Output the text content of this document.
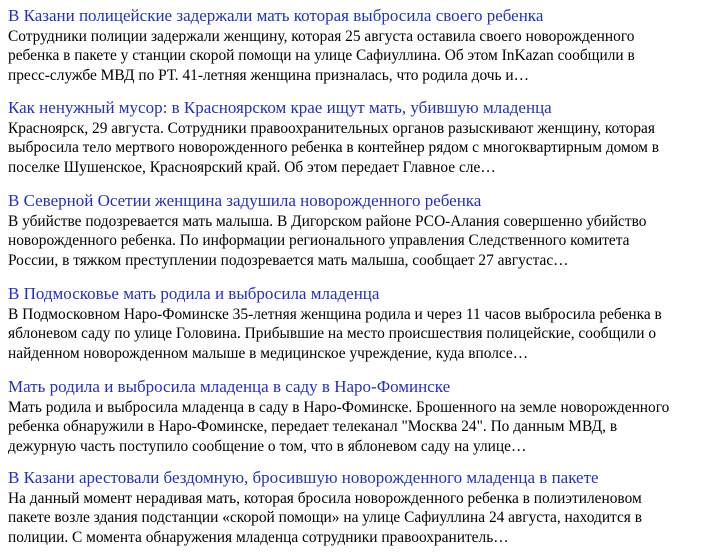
В Казани полицейские задержали мать которая выбросила своего ребенка
Сотрудники полиции задержали женщину, которая 25 августа оставила своего новорожденного
ребенка в пакете у станции скорой помощи на улице Сафиуллина. Об этом InKazan сообщили в
пресс-службе МВД по РТ. 41-летняя женщина призналась, что родила дочь и…
Как ненужный мусор: в Красноярском крае ищут мать, убившую младенца
Красноярск, 29 августа. Сотрудники правоохранительных органов разыскивают женщину, которая
выбросила тело мертвого новорожденного ребенка в контейнер рядом с многоквартирным домом в
поселке Шушенское, Красноярский край. Об этом передает Главное сле…
В Северной Осетии женщина задушила новорожденного ребенка
В убийстве подозревается мать малыша. В Дигорском районе РСО-Алания совершенно убийство
новорожденного ребенка. По информации регионального управления Следственного комитета
России, в тяжком преступлении подозревается мать малыша, сообщает 27 августас…
В Подмосковье мать родила и выбросила младенца
В Подмосковном Наро-Фоминске 35-летняя женщина родила и через 11 часов выбросила ребенка в
яблоневом саду по улице Головина. Прибывшие на место происшествия полицейские, сообщили о
найденном новорожденном малыше в медицинское учреждение, куда вполсе…
Мать родила и выбросила младенца в саду в Наро-Фоминске
Мать родила и выбросила младенца в саду в Наро-Фоминске. Брошенного на земле новорожденного
ребенка обнаружили в Наро-Фоминске, передает телеканал "Москва 24". По данным МВД, в
дежурную часть поступило сообщение о том, что в яблоневом саду на улице…
В Казани арестовали бездомную, бросившую новорожденного младенца в пакете
На данный момент нерадивая мать, которая бросила новорожденного ребенка в полиэтиленовом
пакете возле здания подстанции «скорой помощи» на улице Сафиуллина 24 августа, находится в
полиции. С момента обнаружения младенца сотрудники правоохранитель…
